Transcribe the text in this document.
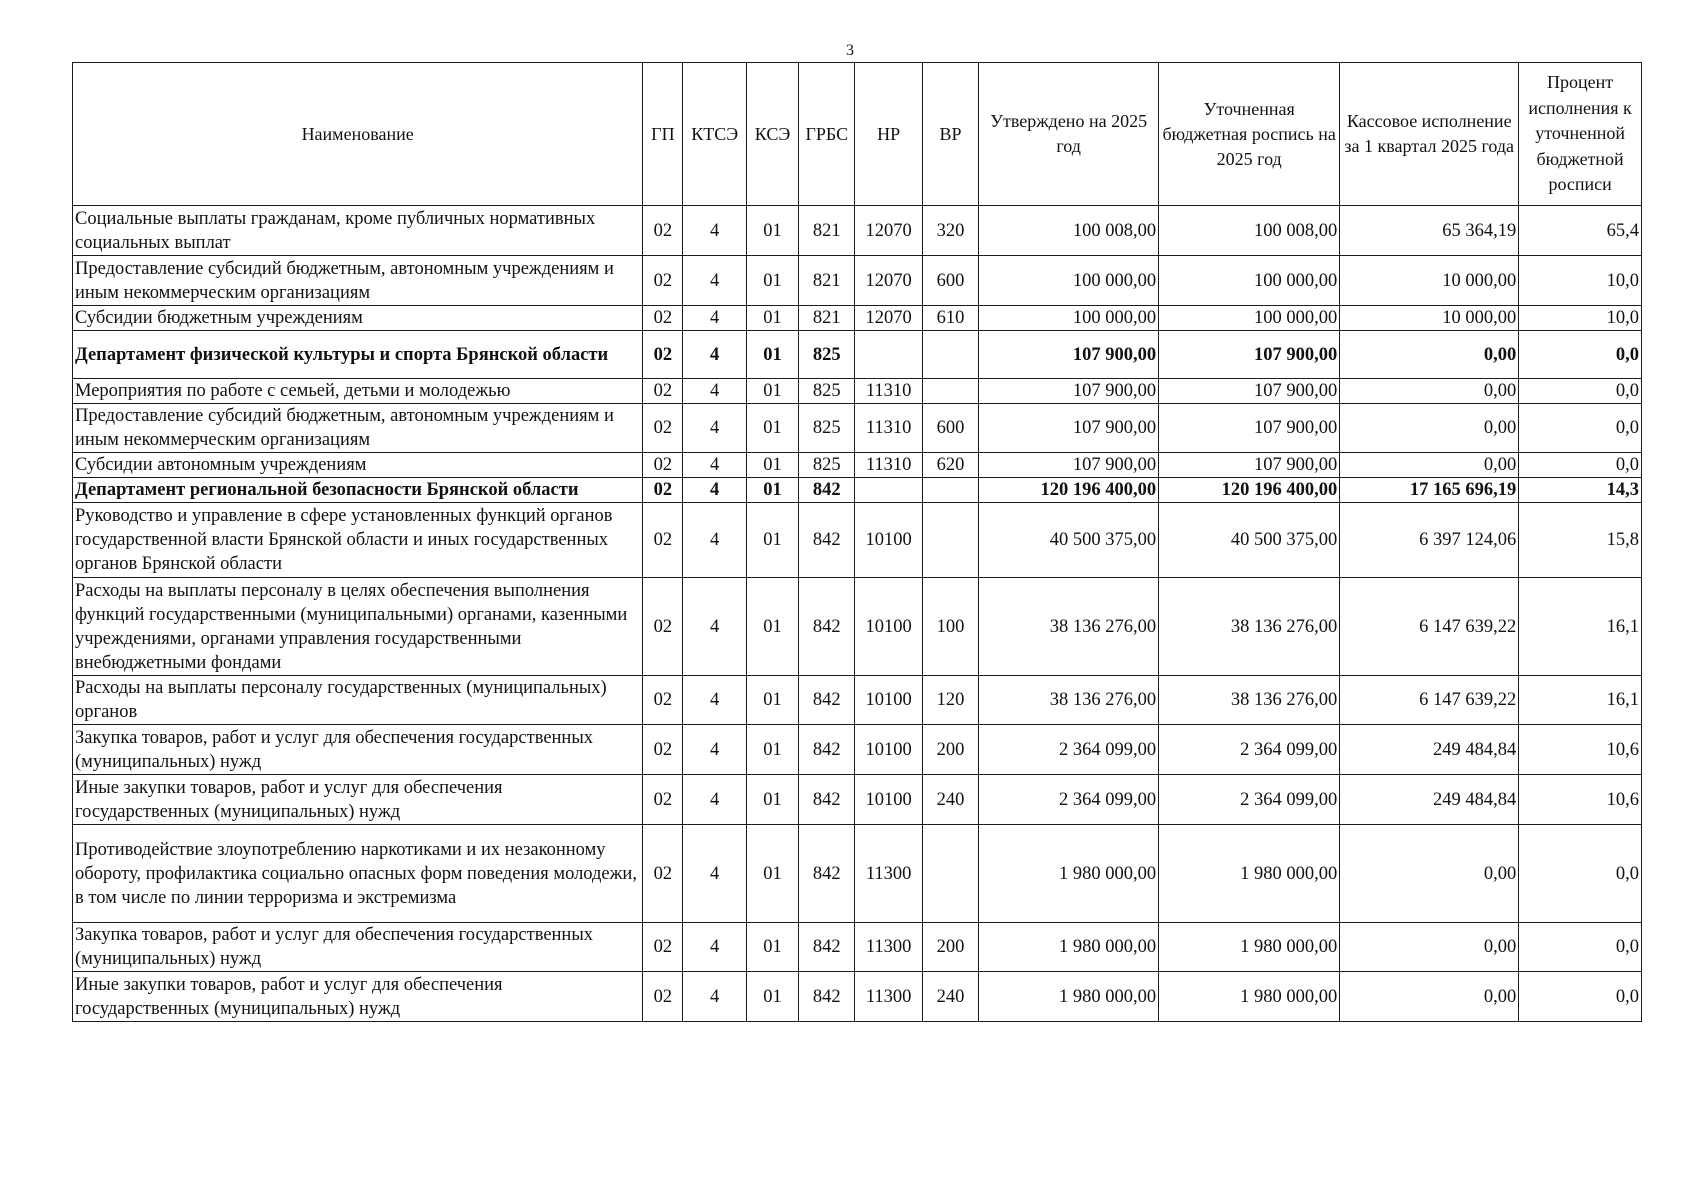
3
Наименование	ГП	КТСЭ	КСЭ	ГРБС	НР	ВР	Утверждено на 2025 год	Уточненная бюджетная роспись на 2025 год	Кассовое исполнение за 1 квартал 2025 года	Процент исполнения к уточненной бюджетной росписи
Социальные выплаты гражданам, кроме публичных нормативных социальных выплат	02	4	01	821	12070	320	100 008,00	100 008,00	65 364,19	65,4
Предоставление субсидий бюджетным, автономным учреждениям и иным некоммерческим организациям	02	4	01	821	12070	600	100 000,00	100 000,00	10 000,00	10,0
Субсидии бюджетным учреждениям	02	4	01	821	12070	610	100 000,00	100 000,00	10 000,00	10,0
Департамент физической культуры и спорта Брянской области	02	4	01	825			107 900,00	107 900,00	0,00	0,0
Мероприятия по работе с семьей, детьми и молодежью	02	4	01	825	11310		107 900,00	107 900,00	0,00	0,0
Предоставление субсидий бюджетным, автономным учреждениям и иным некоммерческим организациям	02	4	01	825	11310	600	107 900,00	107 900,00	0,00	0,0
Субсидии автономным учреждениям	02	4	01	825	11310	620	107 900,00	107 900,00	0,00	0,0
Департамент региональной безопасности Брянской области	02	4	01	842			120 196 400,00	120 196 400,00	17 165 696,19	14,3
Руководство и управление в сфере установленных функций органов государственной власти Брянской области и иных государственных органов Брянской области	02	4	01	842	10100		40 500 375,00	40 500 375,00	6 397 124,06	15,8
Расходы на выплаты персоналу в целях обеспечения выполнения функций государственными (муниципальными) органами, казенными учреждениями, органами управления государственными внебюджетными фондами	02	4	01	842	10100	100	38 136 276,00	38 136 276,00	6 147 639,22	16,1
Расходы на выплаты персоналу государственных (муниципальных) органов	02	4	01	842	10100	120	38 136 276,00	38 136 276,00	6 147 639,22	16,1
Закупка товаров, работ и услуг для обеспечения государственных (муниципальных) нужд	02	4	01	842	10100	200	2 364 099,00	2 364 099,00	249 484,84	10,6
Иные закупки товаров, работ и услуг для обеспечения государственных (муниципальных) нужд	02	4	01	842	10100	240	2 364 099,00	2 364 099,00	249 484,84	10,6
Противодействие злоупотреблению наркотиками и их незаконному обороту, профилактика социально опасных форм поведения молодежи, в том числе по линии терроризма и экстремизма	02	4	01	842	11300		1 980 000,00	1 980 000,00	0,00	0,0
Закупка товаров, работ и услуг для обеспечения государственных (муниципальных) нужд	02	4	01	842	11300	200	1 980 000,00	1 980 000,00	0,00	0,0
Иные закупки товаров, работ и услуг для обеспечения государственных (муниципальных) нужд	02	4	01	842	11300	240	1 980 000,00	1 980 000,00	0,00	0,0
